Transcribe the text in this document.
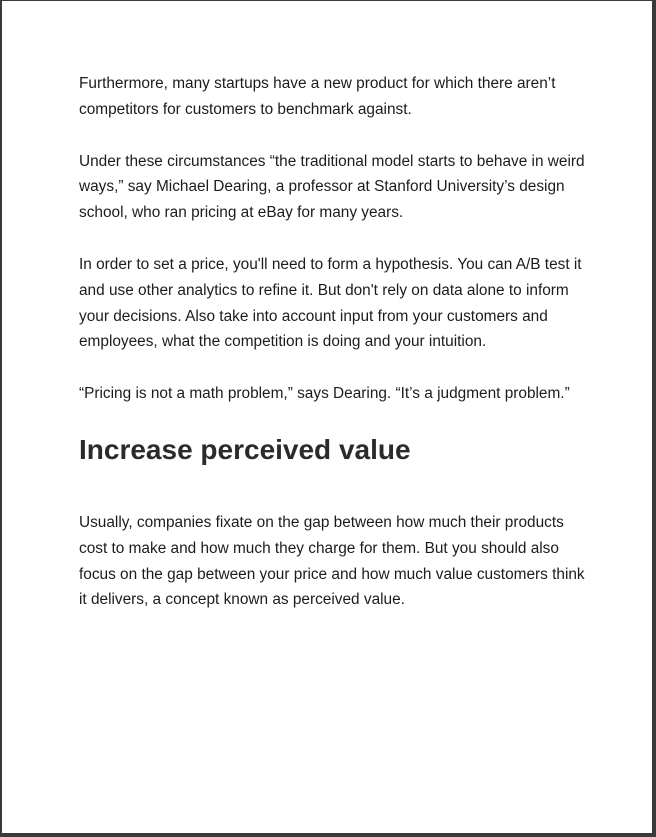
Furthermore, many startups have a new product for which there aren’t competitors for customers to benchmark against.

Under these circumstances “the traditional model starts to behave in weird ways,” say Michael Dearing, a professor at Stanford University’s design school, who ran pricing at eBay for many years.

In order to set a price, you'll need to form a hypothesis. You can A/B test it and use other analytics to refine it. But don't rely on data alone to inform your decisions. Also take into account input from your customers and employees, what the competition is doing and your intuition.

“Pricing is not a math problem,” says Dearing. “It’s a judgment problem.”

Increase perceived value

Usually, companies fixate on the gap between how much their products cost to make and how much they charge for them. But you should also focus on the gap between your price and how much value customers think it delivers, a concept known as perceived value.
